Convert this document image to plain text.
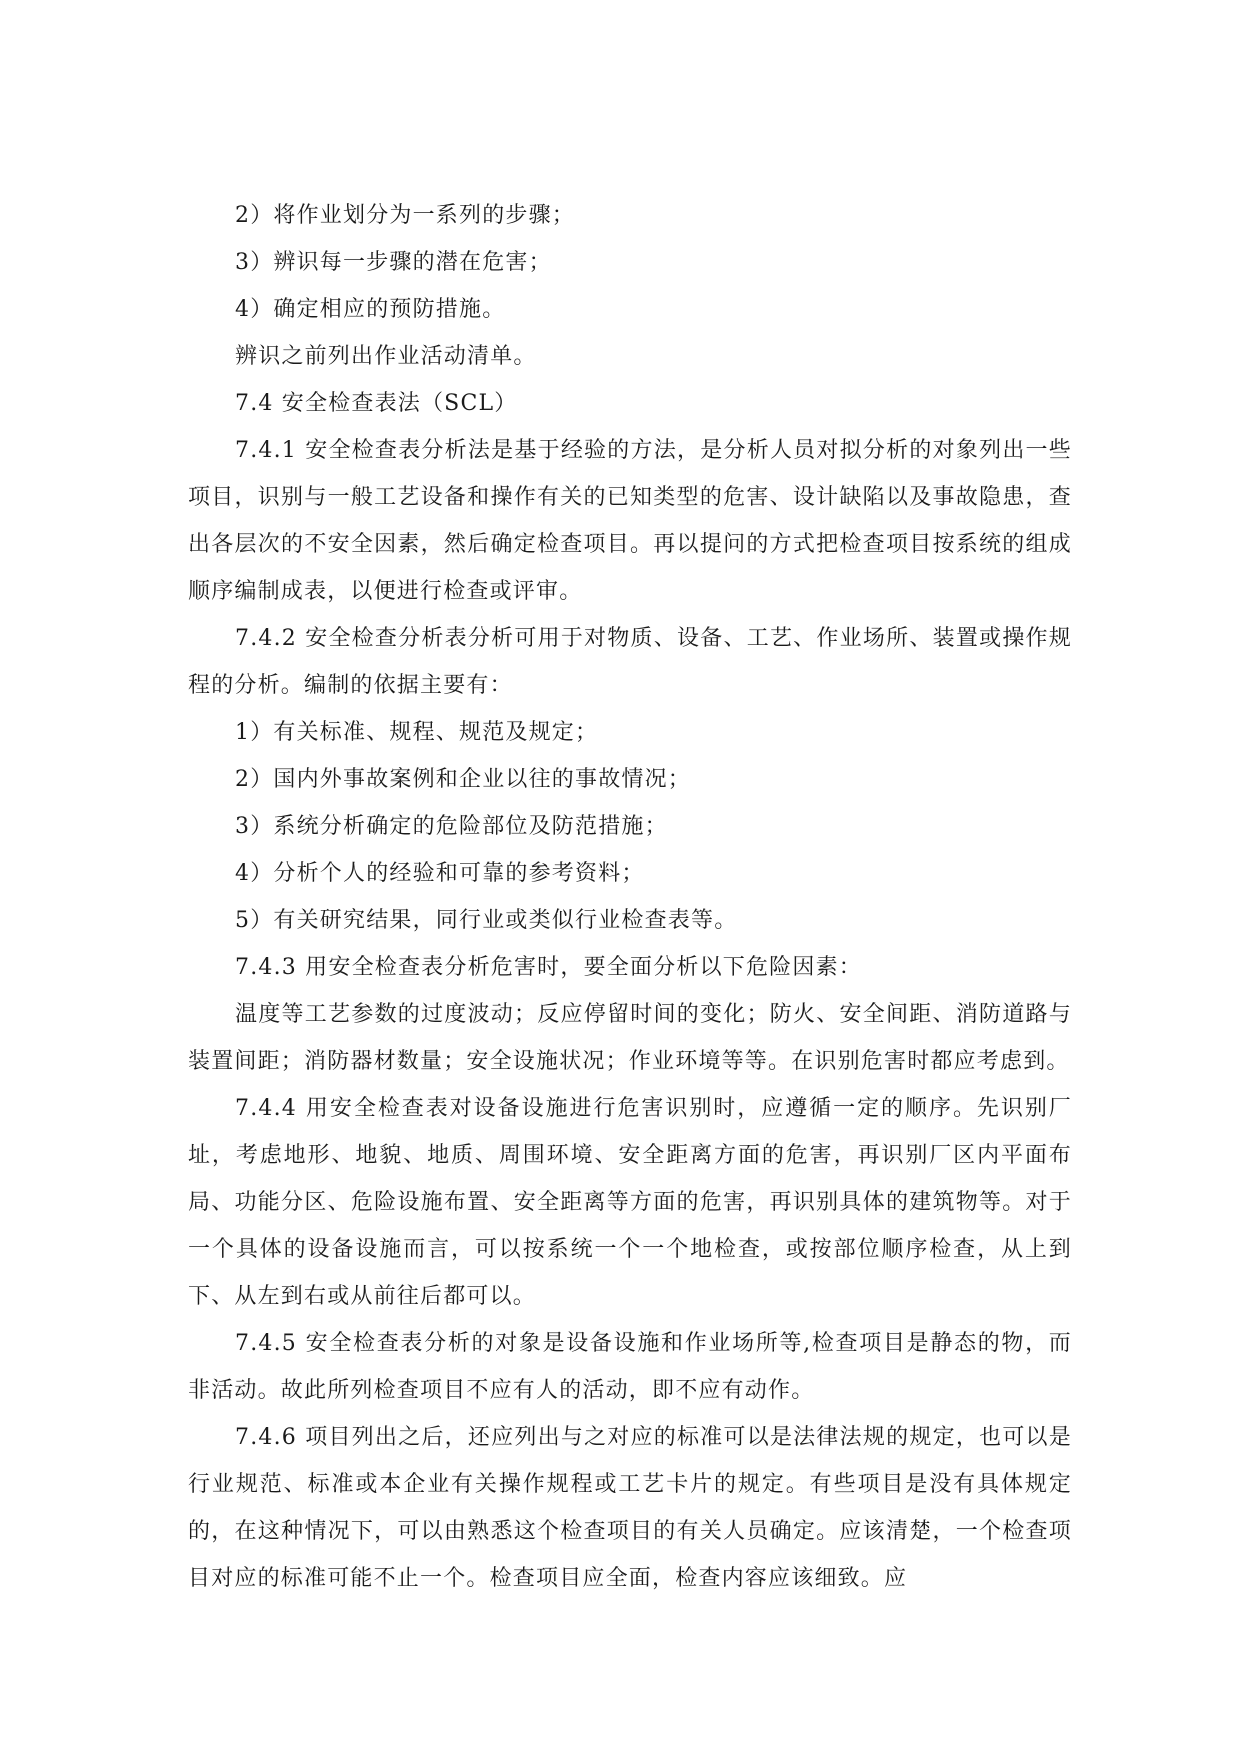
2）将作业划分为一系列的步骤；

3）辨识每一步骤的潜在危害；

4）确定相应的预防措施。

辨识之前列出作业活动清单。

7.4 安全检查表法（SCL）

7.4.1 安全检查表分析法是基于经验的方法，是分析人员对拟分析的对象列出一些项目，识别与一般工艺设备和操作有关的已知类型的危害、设计缺陷以及事故隐患，查出各层次的不安全因素，然后确定检查项目。再以提问的方式把检查项目按系统的组成顺序编制成表，以便进行检查或评审。

7.4.2 安全检查分析表分析可用于对物质、设备、工艺、作业场所、装置或操作规程的分析。编制的依据主要有：

1）有关标准、规程、规范及规定；

2）国内外事故案例和企业以往的事故情况；

3）系统分析确定的危险部位及防范措施；

4）分析个人的经验和可靠的参考资料；

5）有关研究结果，同行业或类似行业检查表等。

7.4.3 用安全检查表分析危害时，要全面分析以下危险因素：

温度等工艺参数的过度波动；反应停留时间的变化；防火、安全间距、消防道路与装置间距；消防器材数量；安全设施状况；作业环境等等。在识别危害时都应考虑到。

7.4.4 用安全检查表对设备设施进行危害识别时，应遵循一定的顺序。先识别厂址，考虑地形、地貌、地质、周围环境、安全距离方面的危害，再识别厂区内平面布局、功能分区、危险设施布置、安全距离等方面的危害，再识别具体的建筑物等。对于一个具体的设备设施而言，可以按系统一个一个地检查，或按部位顺序检查，从上到下、从左到右或从前往后都可以。

7.4.5 安全检查表分析的对象是设备设施和作业场所等,检查项目是静态的物，而非活动。故此所列检查项目不应有人的活动，即不应有动作。

7.4.6 项目列出之后，还应列出与之对应的标准可以是法律法规的规定，也可以是行业规范、标准或本企业有关操作规程或工艺卡片的规定。有些项目是没有具体规定的，在这种情况下，可以由熟悉这个检查项目的有关人员确定。应该清楚，一个检查项目对应的标准可能不止一个。检查项目应全面，检查内容应该细致。应
